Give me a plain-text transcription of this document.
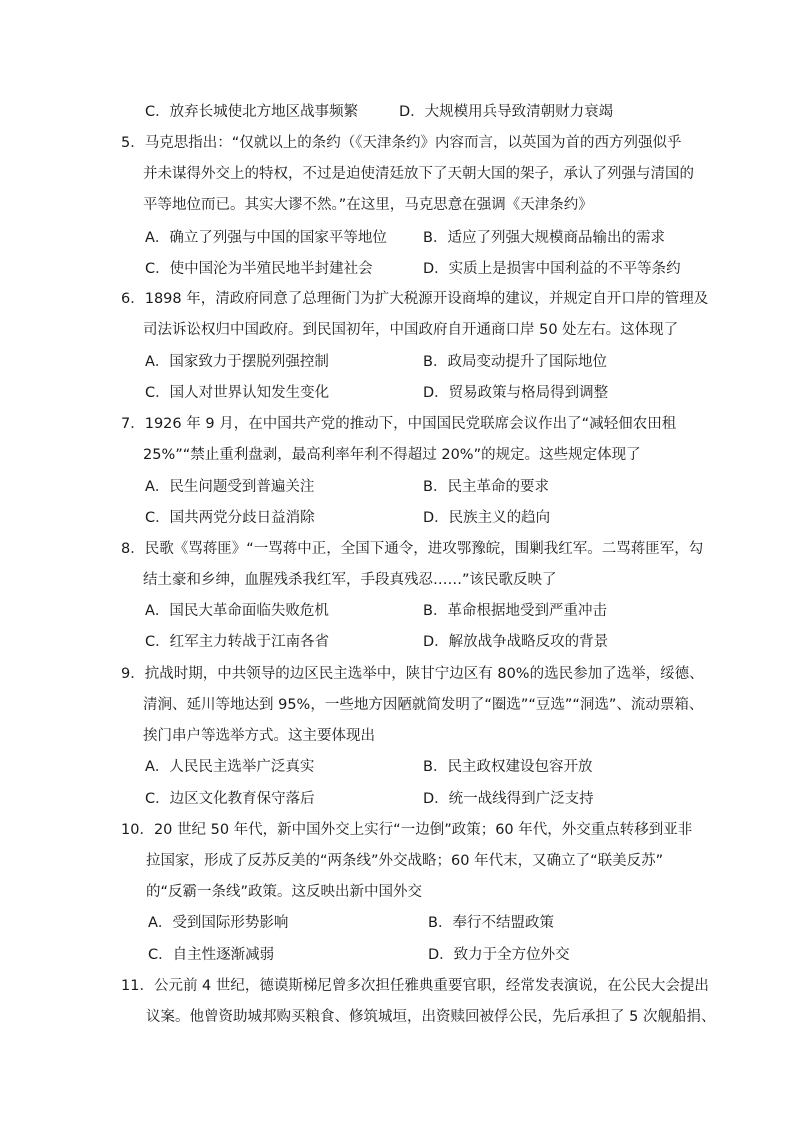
C．放弃长城使北方地区战事频繁	D．大规模用兵导致清朝财力衰竭
5．马克思指出：“仅就以上的条约（《天津条约》内容而言，以英国为首的西方列强似乎
并未谋得外交上的特权，不过是迫使清廷放下了天朝大国的架子，承认了列强与清国的
平等地位而已。其实大谬不然。”在这里，马克思意在强调《天津条约》
A．确立了列强与中国的国家平等地位 B．适应了列强大规模商品输出的需求
C．使中国沦为半殖民地半封建社会	D．实质上是损害中国利益的不平等条约
6．1898 年，清政府同意了总理衙门为扩大税源开设商埠的建议，并规定自开口岸的管理及
司法诉讼权归中国政府。到民国初年，中国政府自开通商口岸 50 处左右。这体现了
A．国家致力于摆脱列强控制	B．政局变动提升了国际地位
C．国人对世界认知发生变化	D．贸易政策与格局得到调整
7．1926 年 9 月，在中国共产党的推动下，中国国民党联席会议作出了“减轻佃农田租
25%”“禁止重利盘剥，最高利率年利不得超过 20%”的规定。这些规定体现了
A．民生问题受到普遍关注	B．民主革命的要求
C．国共两党分歧日益消除	D．民族主义的趋向
8．民歌《骂蒋匪》“一骂蒋中正，全国下通令，进攻鄂豫皖，围剿我红军。二骂蒋匪军，勾
结土豪和乡绅，血腥残杀我红军，手段真残忍……”该民歌反映了
A．国民大革命面临失败危机	B．革命根据地受到严重冲击
C．红军主力转战于江南各省	D．解放战争战略反攻的背景
9．抗战时期，中共领导的边区民主选举中，陕甘宁边区有 80%的选民参加了选举，绥德、
清涧、延川等地达到 95%，一些地方因陋就简发明了“圈选”“豆选”“洞选”、流动票箱、
挨门串户等选举方式。这主要体现出
A．人民民主选举广泛真实	B．民主政权建设包容开放
C．边区文化教育保守落后	D．统一战线得到广泛支持
10．20 世纪 50 年代，新中国外交上实行“一边倒”政策；60 年代，外交重点转移到亚非
拉国家，形成了反苏反美的“两条线”外交战略；60 年代末，又确立了“联美反苏”
的“反霸一条线”政策。这反映出新中国外交
A．受到国际形势影响	B．奉行不结盟政策
C．自主性逐渐减弱	D．致力于全方位外交
11．公元前 4 世纪，德谟斯梯尼曾多次担任雅典重要官职，经常发表演说，在公民大会提出
议案。他曾资助城邦购买粮食、修筑城垣，出资赎回被俘公民，先后承担了 5 次舰船捐、
